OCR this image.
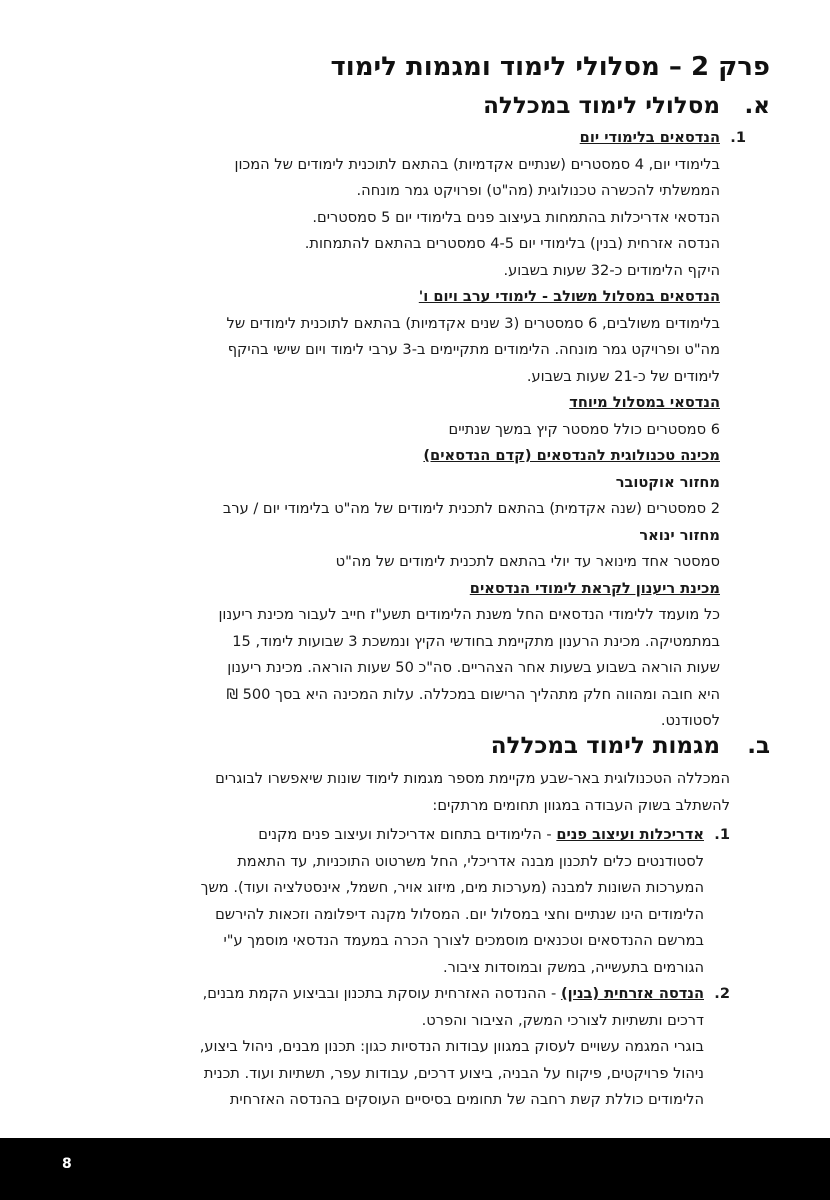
פרק 2 – מסלולי לימוד ומגמות לימוד
א.מסלולי לימוד במכללה
1.הנדסאים בלימודי יום
בלימודי יום, 4 סמסטרים (שנתיים אקדמיות) בהתאם לתוכנית לימודים של המכון
הממשלתי להכשרה טכנולוגית (מה"ט) ופרויקט גמר מונחה.
הנדסאי אדריכלות בהתמחות בעיצוב פנים בלימודי יום 5 סמסטרים.
הנדסה אזרחית (בנין) בלימודי יום 4-5 סמסטרים בהתאם להתמחות.
היקף הלימודים כ-32 שעות בשבוע.
הנדסאים במסלול משולב - לימודי ערב ויום ו'
בלימודים משולבים, 6 סמסטרים (3 שנים אקדמיות) בהתאם לתוכנית לימודים של
מה"ט ופרויקט גמר מונחה. הלימודים מתקיימים ב-3 ערבי לימוד ויום שישי בהיקף
לימודים של כ-21 שעות בשבוע.
הנדסאי במסלול מיוחד
6 סמסטרים כולל סמסטר קיץ במשך שנתיים
מכינה טכנולוגית להנדסאים (קדם הנדסאים)
מחזור אוקטובר
2 סמסטרים (שנה אקדמית) בהתאם לתכנית לימודים של מה"ט בלימודי יום / ערב
מחזור ינואר
סמסטר אחד מינואר עד יולי בהתאם לתכנית לימודים של מה"ט
מכינת ריענון לקראת לימודי הנדסאים
כל מועמד ללימודי הנדסאים החל משנת הלימודים תשע"ז חייב לעבור מכינת ריענון
במתמטיקה. מכינת הרענון מתקיימת בחודשי הקיץ ונמשכת 3 שבועות לימוד, 15
שעות הוראה בשבוע בשעות אחר הצהריים. סה"כ 50 שעות הוראה. מכינת ריענון
היא חובה ומהווה חלק מתהליך הרישום במכללה. עלות המכינה היא בסך 500 ₪
לסטודנט.
ב.מגמות לימוד במכללה
המכללה הטכנולוגית באר-שבע מקיימת מספר מגמות לימוד שונות שיאפשרו לבוגרים
להשתלב בשוק העבודה במגוון תחומים מרתקים:
1.אדריכלות ועיצוב פנים - הלימודים בתחום אדריכלות ועיצוב פנים מקנים
לסטודנטים כלים לתכנון מבנה אדריכלי, החל משרטוט התוכניות, עד התאמת
המערכות השונות למבנה (מערכות מים, מיזוג אויר, חשמל, אינסטלציה ועוד). משך
הלימודים הינו שנתיים וחצי במסלול יום. המסלול מקנה דיפלומה וזכאות להירשם
במרשם ההנדסאים וטכנאים מוסמכים לצורך הכרה במעמד הנדסאי מוסמך ע"י
הגורמים בתעשייה, במשק ובמוסדות ציבור.
2.הנדסה אזרחית (בנין) - ההנדסה האזרחית עוסקת בתכנון ובביצוע הקמת מבנים,
דרכים ותשתיות לצורכי המשק, הציבור והפרט.
בוגרי המגמה עשויים לעסוק במגוון עבודות הנדסיות כגון: תכנון מבנים, ניהול ביצוע,
ניהול פרויקטים, פיקוח על הבניה, ביצוע דרכים, עבודות עפר, תשתיות ועוד. תכנית
הלימודים כוללת קשת רחבה של תחומים בסיסיים העוסקים בהנדסה האזרחית
8
